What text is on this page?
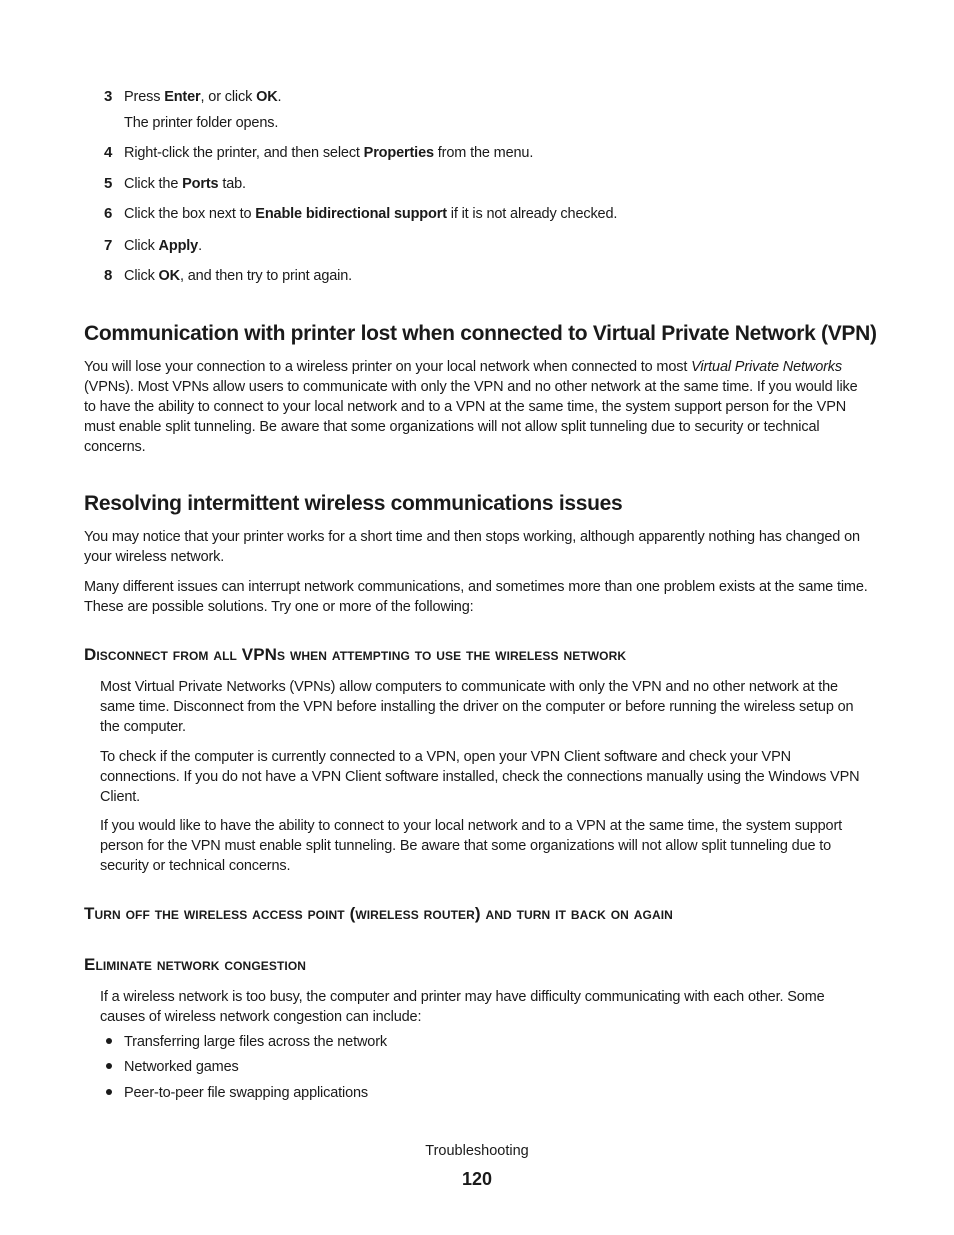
3 Press Enter, or click OK.
The printer folder opens.
4 Right-click the printer, and then select Properties from the menu.
5 Click the Ports tab.
6 Click the box next to Enable bidirectional support if it is not already checked.
7 Click Apply.
8 Click OK, and then try to print again.
Communication with printer lost when connected to Virtual Private Network (VPN)

You will lose your connection to a wireless printer on your local network when connected to most Virtual Private Networks (VPNs). Most VPNs allow users to communicate with only the VPN and no other network at the same time. If you would like to have the ability to connect to your local network and to a VPN at the same time, the system support person for the VPN must enable split tunneling. Be aware that some organizations will not allow split tunneling due to security or technical concerns.

Resolving intermittent wireless communications issues

You may notice that your printer works for a short time and then stops working, although apparently nothing has changed on your wireless network.

Many different issues can interrupt network communications, and sometimes more than one problem exists at the same time. These are possible solutions. Try one or more of the following:

Disconnect from all VPNs when attempting to use the wireless network

Most Virtual Private Networks (VPNs) allow computers to communicate with only the VPN and no other network at the same time. Disconnect from the VPN before installing the driver on the computer or before running the wireless setup on the computer.

To check if the computer is currently connected to a VPN, open your VPN Client software and check your VPN connections. If you do not have a VPN Client software installed, check the connections manually using the Windows VPN Client.

If you would like to have the ability to connect to your local network and to a VPN at the same time, the system support person for the VPN must enable split tunneling. Be aware that some organizations will not allow split tunneling due to security or technical concerns.

Turn off the wireless access point (wireless router) and turn it back on again
Eliminate network congestion

If a wireless network is too busy, the computer and printer may have difficulty communicating with each other. Some causes of wireless network congestion can include:

Transferring large files across the network
Networked games
Peer-to-peer file swapping applications
Troubleshooting
120
